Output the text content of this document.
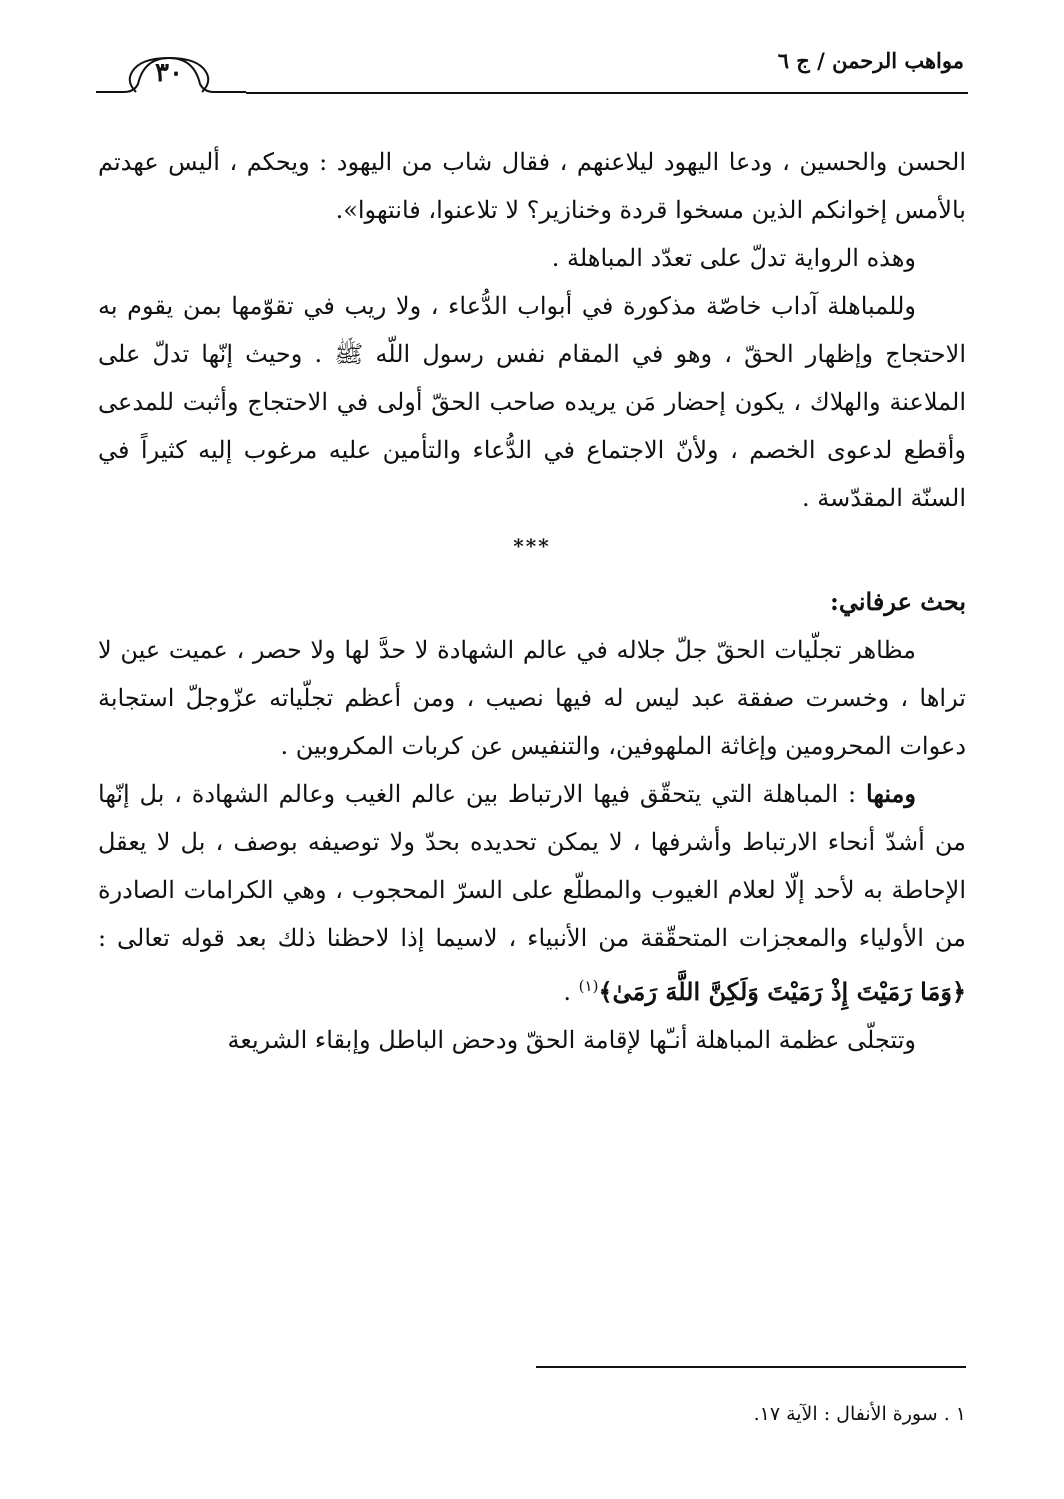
مواهب الرحمن / ج ٦
٣٠

الحسن والحسين ، ودعا اليهود ليلاعنهم ، فقال شاب من اليهود : ويحكم ، أليس عهدتم بالأمس إخوانكم الذين مسخوا قردة وخنازير؟ لا تلاعنوا، فانتهوا».

وهذه الرواية تدلّ على تعدّد المباهلة .

وللمباهلة آداب خاصّة مذكورة في أبواب الدُّعاء ، ولا ريب في تقوّمها بمن يقوم به الاحتجاج وإظهار الحقّ ، وهو في المقام نفس رسول اللّه ﷺ . وحيث إنّها تدلّ على الملاعنة والهلاك ، يكون إحضار مَن يريده صاحب الحقّ أولى في الاحتجاج وأثبت للمدعى وأقطع لدعوى الخصم ، ولأنّ الاجتماع في الدُّعاء والتأمين عليه مرغوب إليه كثيراً في السنّة المقدّسة .

***

بحث عرفاني:

مظاهر تجلّيات الحقّ جلّ جلاله في عالم الشهادة لا حدَّ لها ولا حصر ، عميت عين لا تراها ، وخسرت صفقة عبد ليس له فيها نصيب ، ومن أعظم تجلّياته عزّوجلّ استجابة دعوات المحرومين وإغاثة الملهوفين، والتنفيس عن كربات المكروبين .

ومنها : المباهلة التي يتحقّق فيها الارتباط بين عالم الغيب وعالم الشهادة ، بل إنّها من أشدّ أنحاء الارتباط وأشرفها ، لا يمكن تحديده بحدّ ولا توصيفه بوصف ، بل لا يعقل الإحاطة به لأحد إلّا لعلام الغيوب والمطلّع على السرّ المحجوب ، وهي الكرامات الصادرة من الأولياء والمعجزات المتحقّقة من الأنبياء ، لاسيما إذا لاحظنا ذلك بعد قوله تعالى : ﴿وَمَا رَمَيْتَ إِذْ رَمَيْتَ وَلَكِنَّ اللَّهَ رَمَىٰ﴾$^{(١)}$ .

وتتجلّى عظمة المباهلة أنـّها لإقامة الحقّ ودحض الباطل وإبقاء الشريعة

١ . سورة الأنفال : الآية ١٧.
